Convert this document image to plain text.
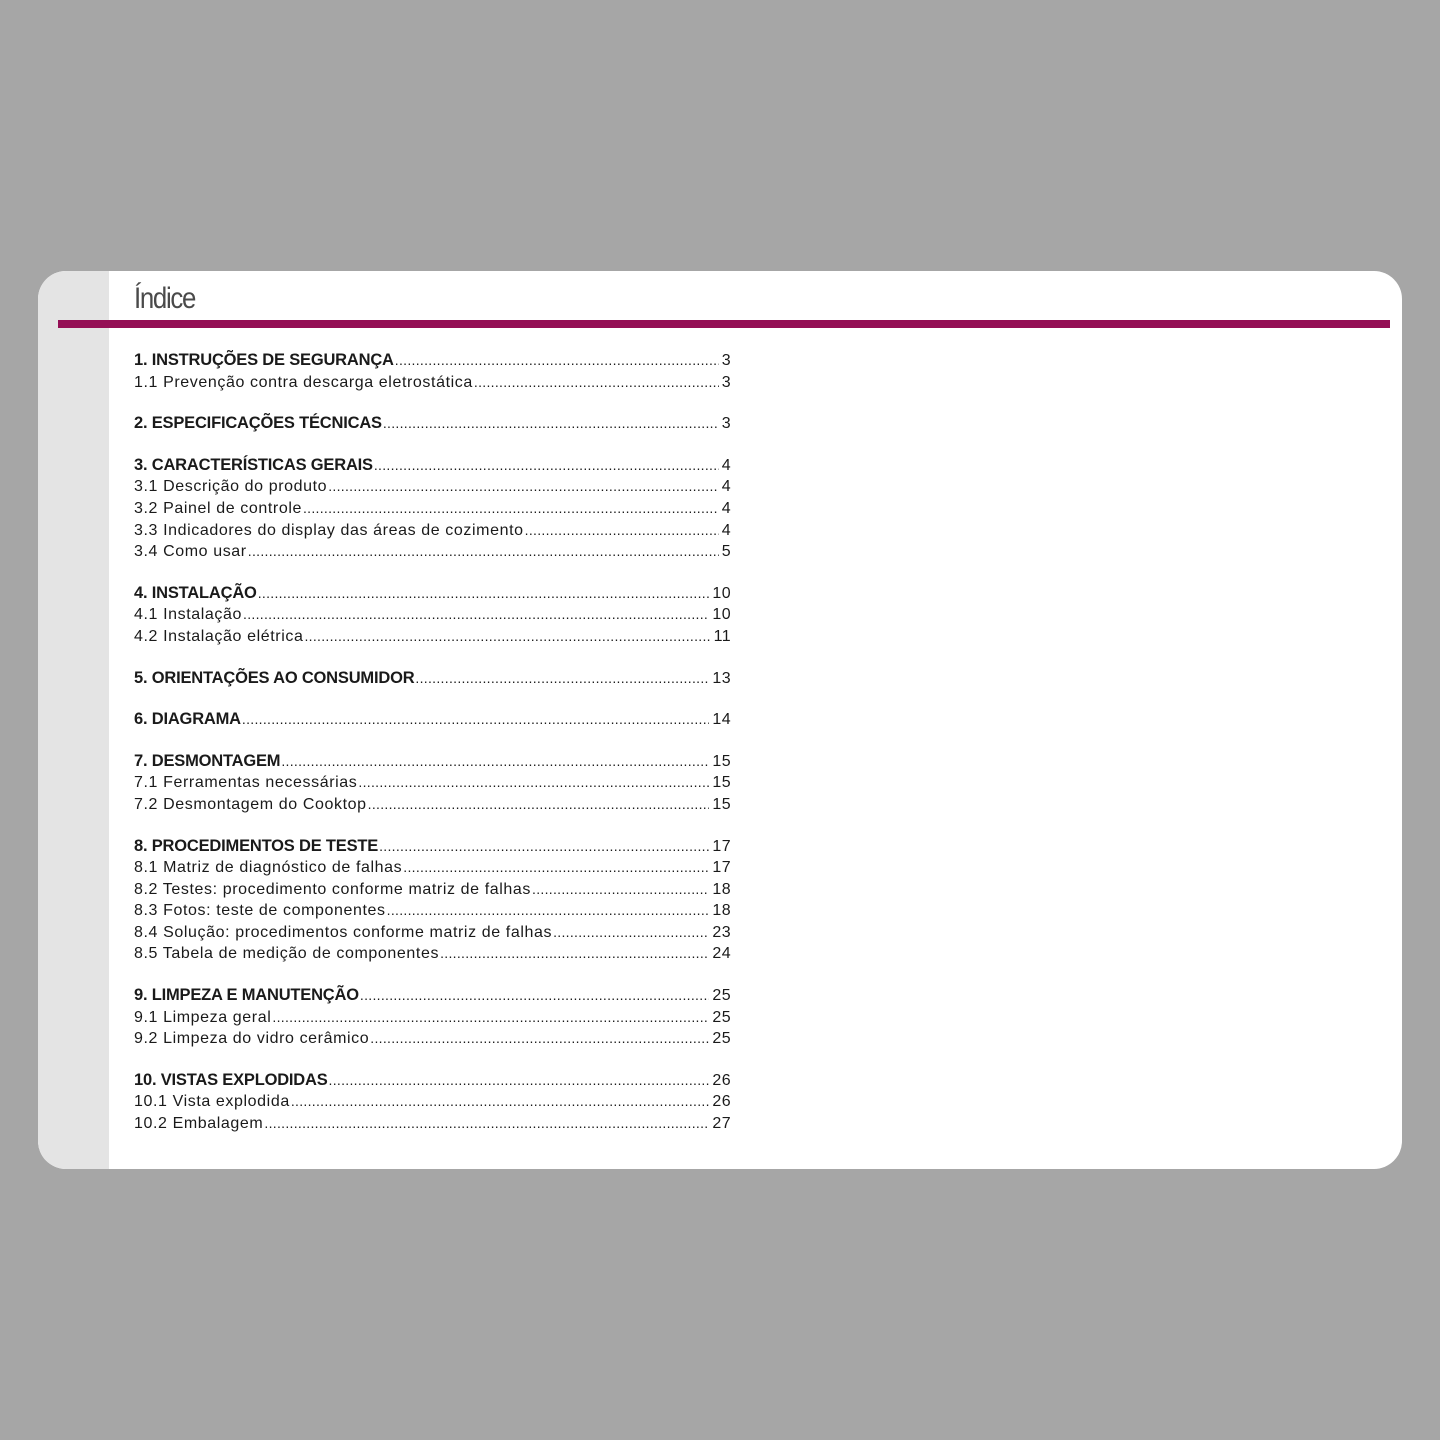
Índice
1. INSTRUÇÕES DE SEGURANÇA .....	3
1.1 Prevenção contra descarga eletrostática .....	3
2. ESPECIFICAÇÕES TÉCNICAS .....	3
3. CARACTERÍSTICAS GERAIS .....	4
3.1 Descrição do produto .....	4
3.2 Painel de controle .....	4
3.3 Indicadores do display das áreas de cozimento .....	4
3.4 Como usar .....	5
4. INSTALAÇÃO .....	10
4.1 Instalação .....	10
4.2 Instalação elétrica .....	11
5. ORIENTAÇÕES AO CONSUMIDOR .....	13
6. DIAGRAMA .....	14
7. DESMONTAGEM .....	15
7.1 Ferramentas necessárias .....	15
7.2 Desmontagem do Cooktop .....	15
8. PROCEDIMENTOS DE TESTE .....	17
8.1 Matriz de diagnóstico de falhas .....	17
8.2 Testes: procedimento conforme matriz de falhas .....	18
8.3 Fotos: teste de componentes .....	18
8.4 Solução: procedimentos conforme matriz de falhas .....	23
8.5 Tabela de medição de componentes .....	24
9. LIMPEZA E MANUTENÇÃO .....	25
9.1 Limpeza geral .....	25
9.2 Limpeza do vidro cerâmico .....	25
10. VISTAS EXPLODIDAS .....	26
10.1 Vista explodida .....	26
10.2 Embalagem .....	27
